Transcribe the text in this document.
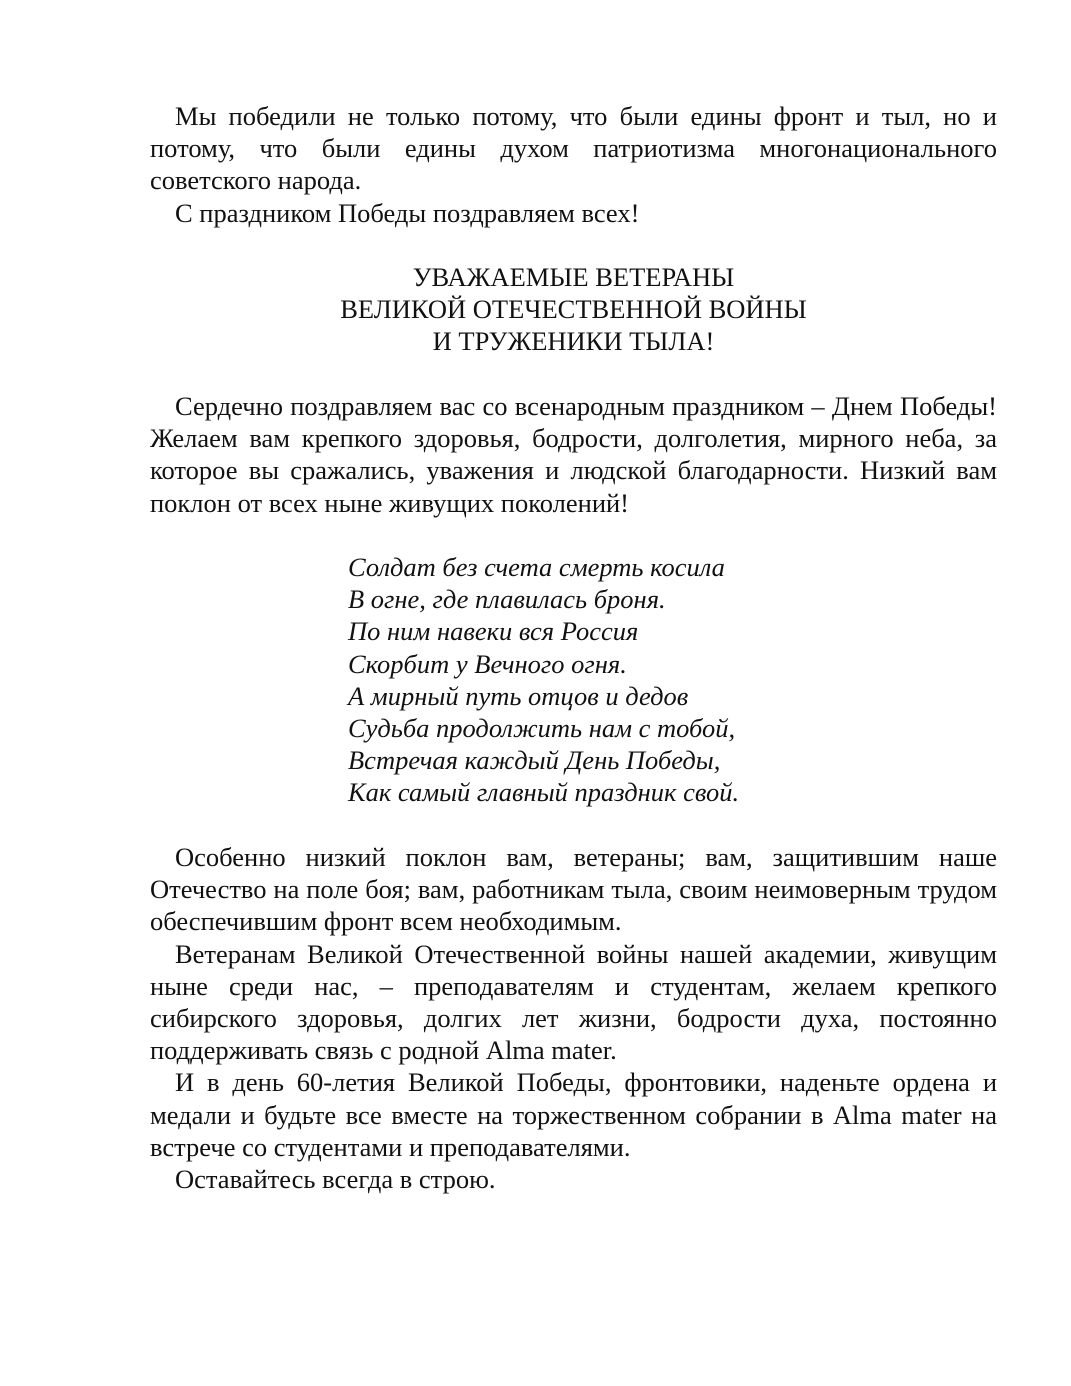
Мы победили не только потому, что были едины фронт и тыл, но и потому, что были едины духом патриотизма многонационального советского народа.

С праздником Победы поздравляем всех!

УВАЖАЕМЫЕ ВЕТЕРАНЫ
ВЕЛИКОЙ ОТЕЧЕСТВЕННОЙ ВОЙНЫ
И ТРУЖЕНИКИ ТЫЛА!

Сердечно поздравляем вас со всенародным праздником – Днем Победы! Желаем вам крепкого здоровья, бодрости, долголетия, мирного неба, за которое вы сражались, уважения и людской благодарности. Низкий вам поклон от всех ныне живущих поколений!

Солдат без счета смерть косила
В огне, где плавилась броня.
По ним навеки вся Россия
Скорбит у Вечного огня.
А мирный путь отцов и дедов
Судьба продолжить нам с тобой,
Встречая каждый День Победы,
Как самый главный праздник свой.

Особенно низкий поклон вам, ветераны; вам, защитившим наше Отечество на поле боя; вам, работникам тыла, своим неимоверным трудом обеспечившим фронт всем необходимым.

Ветеранам Великой Отечественной войны нашей академии, живущим ныне среди нас, – преподавателям и студентам, желаем крепкого сибирского здоровья, долгих лет жизни, бодрости духа, постоянно поддерживать связь с родной Alma mater.

И в день 60-летия Великой Победы, фронтовики, наденьте ордена и медали и будьте все вместе на торжественном собрании в Alma mater на встрече со студентами и преподавателями.

Оставайтесь всегда в строю.
